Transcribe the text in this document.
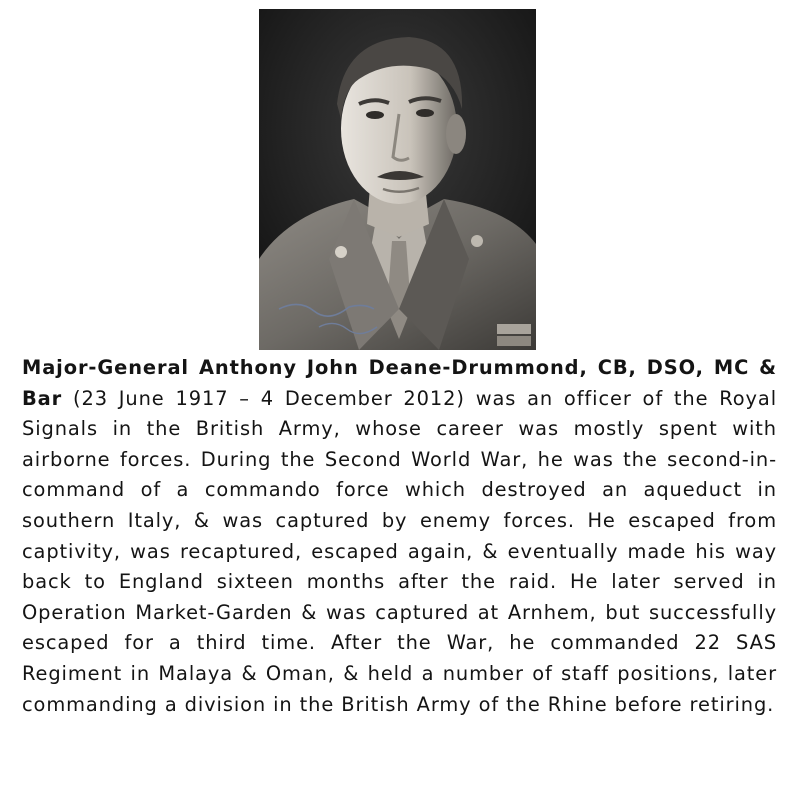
Major-General Anthony John Deane-Drummond, CB, DSO, MC & Bar (23 June 1917 – 4 December 2012) was an officer of the Royal Signals in the British Army, whose career was mostly spent with airborne forces. During the Second World War, he was the second-in-command of a commando force which destroyed an aqueduct in southern Italy, & was captured by enemy forces. He escaped from captivity, was recaptured, escaped again, & eventually made his way back to England sixteen months after the raid. He later served in Operation Market-Garden & was captured at Arnhem, but successfully escaped for a third time. After the War, he commanded 22 SAS Regiment in Malaya & Oman, & held a number of staff positions, later commanding a division in the British Army of the Rhine before retiring.
